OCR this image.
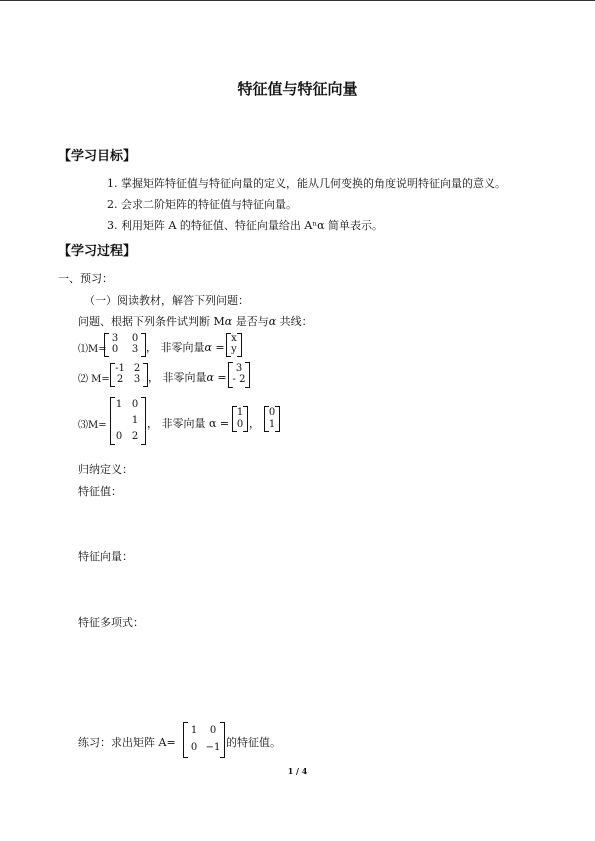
特征值与特征向量
【学习目标】
1. 掌握矩阵特征值与特征向量的定义，能从几何变换的角度说明特征向量的意义。
2. 会求二阶矩阵的特征值与特征向量。
3. 利用矩阵 A 的特征值、特征向量给出 Aⁿα 简单表示。
【学习过程】
一、预习：
（一）阅读教材，解答下列问题：
问题、根据下列条件试判断 Mα 是否与α 共线：
⑴M=
3 0
0 3 ， 非零向量α =
x
y
⑵ M=
-1 2
2 3 ， 非零向量α =
3
- 2
⑶M=
1 0
1
0 2
， 非零向量 α =
1
0 ，
0
1
归纳定义：
特征值：
特征向量：
特征多项式：
练习：求出矩阵 A=
1 0
0 −1 的特征值。
1 / 4
